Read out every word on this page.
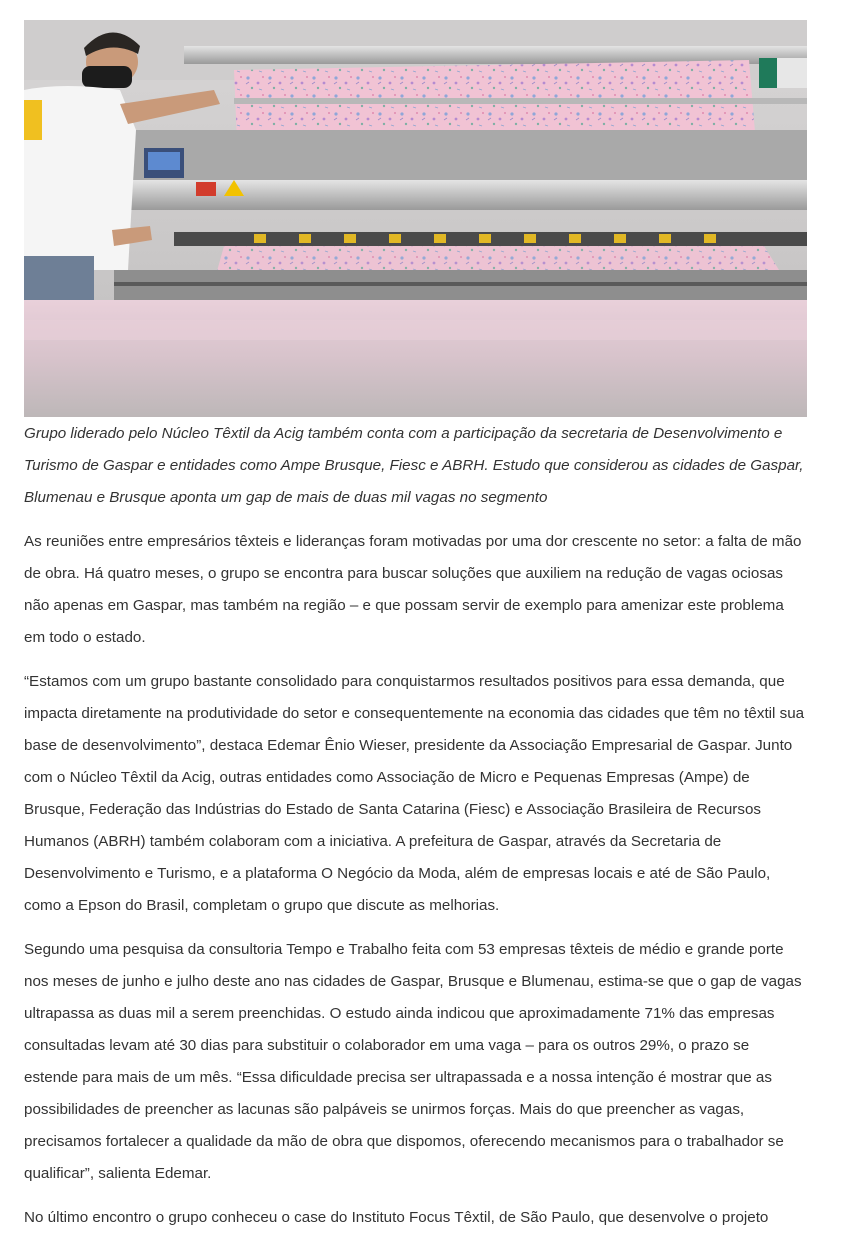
Grupo liderado pelo Núcleo Têxtil da Acig também conta com a participação da secretaria de Desenvolvimento e Turismo de Gaspar e entidades como Ampe Brusque, Fiesc e ABRH. Estudo que considerou as cidades de Gaspar, Blumenau e Brusque aponta um gap de mais de duas mil vagas no segmento

As reuniões entre empresários têxteis e lideranças foram motivadas por uma dor crescente no setor: a falta de mão de obra. Há quatro meses, o grupo se encontra para buscar soluções que auxiliem na redução de vagas ociosas não apenas em Gaspar, mas também na região – e que possam servir de exemplo para amenizar este problema em todo o estado.

“Estamos com um grupo bastante consolidado para conquistarmos resultados positivos para essa demanda, que impacta diretamente na produtividade do setor e consequentemente na economia das cidades que têm no têxtil sua base de desenvolvimento”, destaca Edemar Ênio Wieser, presidente da Associação Empresarial de Gaspar. Junto com o Núcleo Têxtil da Acig, outras entidades como Associação de Micro e Pequenas Empresas (Ampe) de Brusque, Federação das Indústrias do Estado de Santa Catarina (Fiesc) e Associação Brasileira de Recursos Humanos (ABRH) também colaboram com a iniciativa. A prefeitura de Gaspar, através da Secretaria de Desenvolvimento e Turismo, e a plataforma O Negócio da Moda, além de empresas locais e até de São Paulo, como a Epson do Brasil, completam o grupo que discute as melhorias.

Segundo uma pesquisa da consultoria Tempo e Trabalho feita com 53 empresas têxteis de médio e grande porte nos meses de junho e julho deste ano nas cidades de Gaspar, Brusque e Blumenau, estima-se que o gap de vagas ultrapassa as duas mil a serem preenchidas. O estudo ainda indicou que aproximadamente 71% das empresas consultadas levam até 30 dias para substituir o colaborador em uma vaga – para os outros 29%, o prazo se estende para mais de um mês. “Essa dificuldade precisa ser ultrapassada e a nossa intenção é mostrar que as possibilidades de preencher as lacunas são palpáveis se unirmos forças. Mais do que preencher as vagas, precisamos fortalecer a qualidade da mão de obra que dispomos, oferecendo mecanismos para o trabalhador se qualificar”, salienta Edemar.

No último encontro o grupo conheceu o case do Instituto Focus Têxtil, de São Paulo, que desenvolve o projeto
